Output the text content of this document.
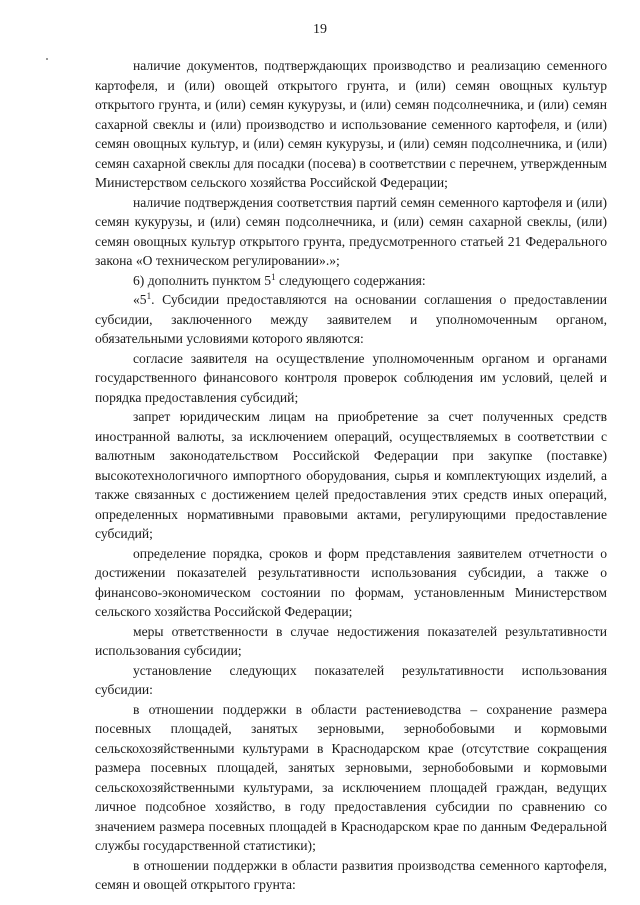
19

наличие документов, подтверждающих производство и реализацию семенного картофеля, и (или) овощей открытого грунта, и (или) семян овощных культур открытого грунта, и (или) семян кукурузы, и (или) семян подсолнечника, и (или) семян сахарной свеклы и (или) производство и использование семенного картофеля, и (или) семян овощных культур, и (или) семян кукурузы, и (или) семян подсолнечника, и (или) семян сахарной свеклы для посадки (посева) в соответствии с перечнем, утвержденным Министерством сельского хозяйства Российской Федерации;

наличие подтверждения соответствия партий семян семенного картофеля и (или) семян кукурузы, и (или) семян подсолнечника, и (или) семян сахарной свеклы, (или) семян овощных культур открытого грунта, предусмотренного статьей 21 Федерального закона «О техническом регулировании».»;

6) дополнить пунктом $5^1$ следующего содержания:

«$5^1$. Субсидии предоставляются на основании соглашения о предоставлении субсидии, заключенного между заявителем и уполномоченным органом, обязательными условиями которого являются:

согласие заявителя на осуществление уполномоченным органом и органами государственного финансового контроля проверок соблюдения им условий, целей и порядка предоставления субсидий;

запрет юридическим лицам на приобретение за счет полученных средств иностранной валюты, за исключением операций, осуществляемых в соответствии с валютным законодательством Российской Федерации при закупке (поставке) высокотехнологичного импортного оборудования, сырья и комплектующих изделий, а также связанных с достижением целей предоставления этих средств иных операций, определенных нормативными правовыми актами, регулирующими предоставление субсидий;

определение порядка, сроков и форм представления заявителем отчетности о достижении показателей результативности использования субсидии, а также о финансово-экономическом состоянии по формам, установленным Министерством сельского хозяйства Российской Федерации;

меры ответственности в случае недостижения показателей результативности использования субсидии;

установление следующих показателей результативности использования субсидии:

в отношении поддержки в области растениеводства – сохранение размера посевных площадей, занятых зерновыми, зернобобовыми и кормовыми сельскохозяйственными культурами в Краснодарском крае (отсутствие сокращения размера посевных площадей, занятых зерновыми, зернобобовыми и кормовыми сельскохозяйственными культурами, за исключением площадей граждан, ведущих личное подсобное хозяйство, в году предоставления субсидии по сравнению со значением размера посевных площадей в Краснодарском крае по данным Федеральной службы государственной статистики);

в отношении поддержки в области развития производства семенного картофеля, семян и овощей открытого грунта:
